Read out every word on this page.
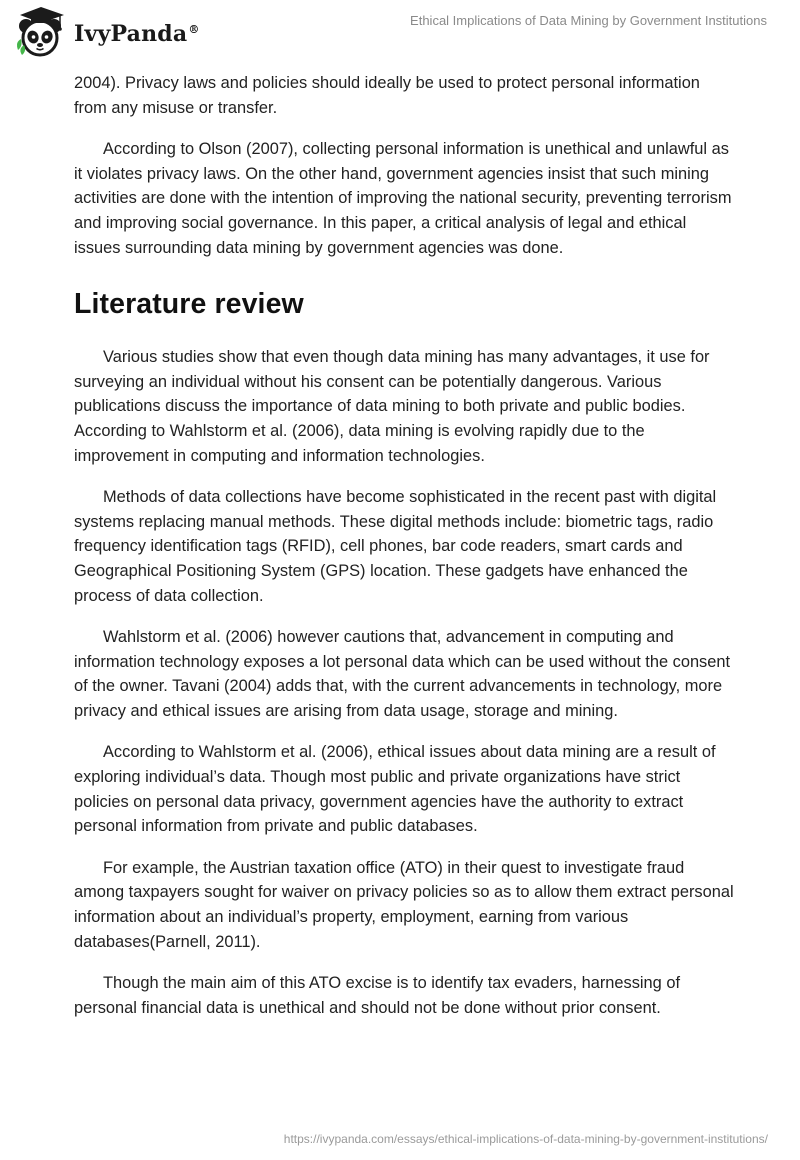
IvyPanda®
Ethical Implications of Data Mining by Government Institutions

2004). Privacy laws and policies should ideally be used to protect personal information from any misuse or transfer.

According to Olson (2007), collecting personal information is unethical and unlawful as it violates privacy laws. On the other hand, government agencies insist that such mining activities are done with the intention of improving the national security, preventing terrorism and improving social governance. In this paper, a critical analysis of legal and ethical issues surrounding data mining by government agencies was done.

Literature review

Various studies show that even though data mining has many advantages, it use for surveying an individual without his consent can be potentially dangerous. Various publications discuss the importance of data mining to both private and public bodies. According to Wahlstorm et al. (2006), data mining is evolving rapidly due to the improvement in computing and information technologies.

Methods of data collections have become sophisticated in the recent past with digital systems replacing manual methods. These digital methods include: biometric tags, radio frequency identification tags (RFID), cell phones, bar code readers, smart cards and Geographical Positioning System (GPS) location. These gadgets have enhanced the process of data collection.

Wahlstorm et al. (2006) however cautions that, advancement in computing and information technology exposes a lot personal data which can be used without the consent of the owner. Tavani (2004) adds that, with the current advancements in technology, more privacy and ethical issues are arising from data usage, storage and mining.

According to Wahlstorm et al. (2006), ethical issues about data mining are a result of exploring individual’s data. Though most public and private organizations have strict policies on personal data privacy, government agencies have the authority to extract personal information from private and public databases.

For example, the Austrian taxation office (ATO) in their quest to investigate fraud among taxpayers sought for waiver on privacy policies so as to allow them extract personal information about an individual’s property, employment, earning from various databases(Parnell, 2011).

Though the main aim of this ATO excise is to identify tax evaders, harnessing of personal financial data is unethical and should not be done without prior consent.

https://ivypanda.com/essays/ethical-implications-of-data-mining-by-government-institutions/
